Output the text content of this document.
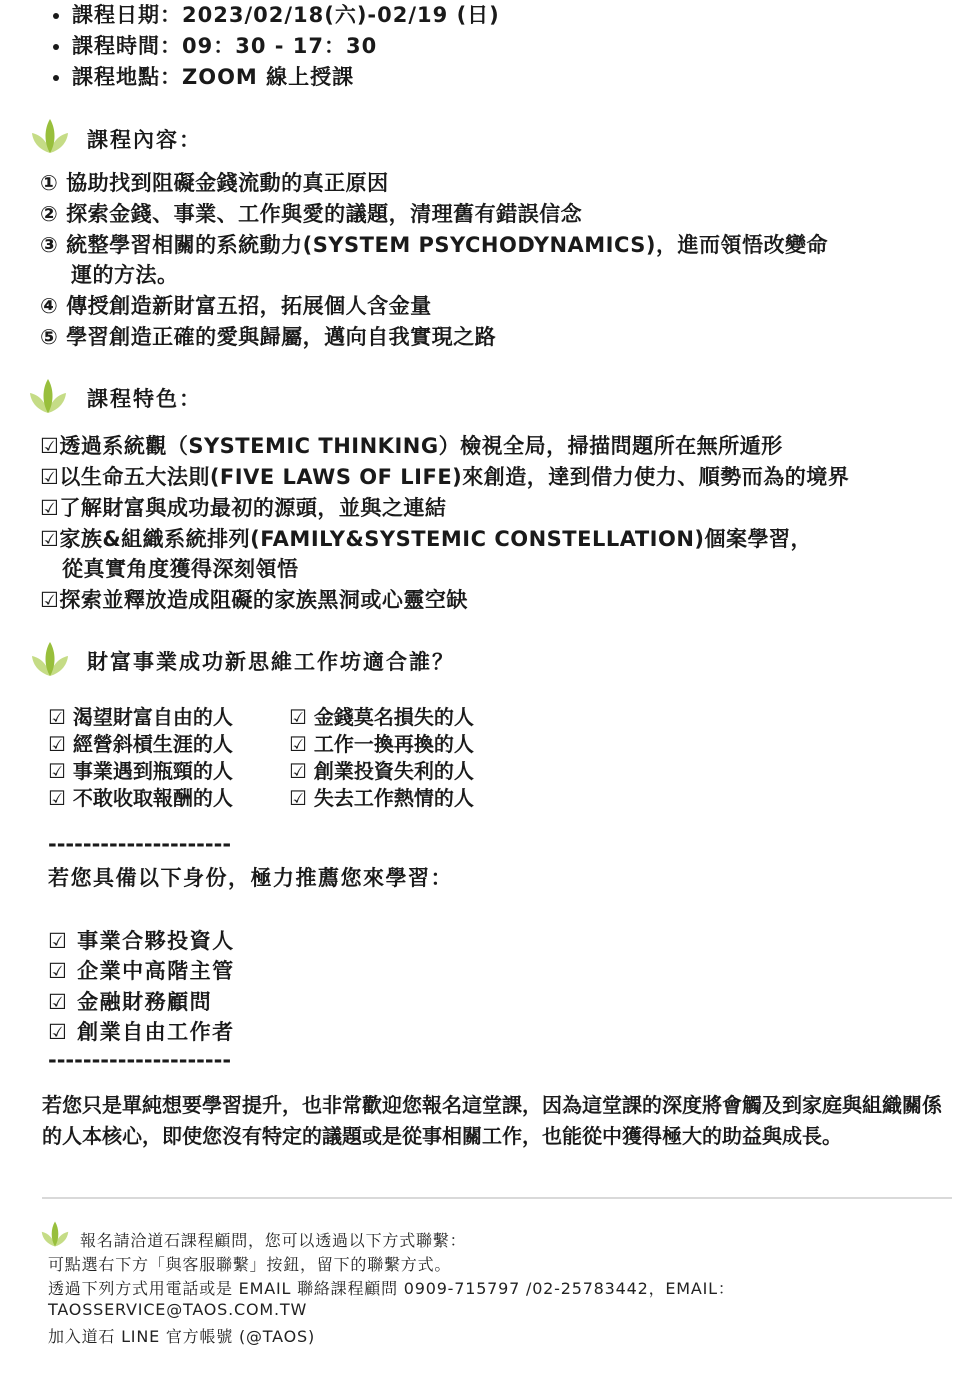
• 課程日期：2023/02/18(六)-02/19 (日)
• 課程時間：09：30 - 17：30
• 課程地點：ZOOM 線上授課
課程內容：
① 協助找到阻礙金錢流動的真正原因
② 探索金錢、事業、工作與愛的議題，清理舊有錯誤信念
③ 統整學習相關的系統動力(SYSTEM PSYCHODYNAMICS)，進而領悟改變命
運的方法。
④ 傳授創造新財富五招，拓展個人含金量
⑤ 學習創造正確的愛與歸屬，邁向自我實現之路
課程特色：
☑透過系統觀（SYSTEMIC THINKING）檢視全局，掃描問題所在無所遁形
☑以生命五大法則(FIVE LAWS OF LIFE)來創造，達到借力使力、順勢而為的境界
☑了解財富與成功最初的源頭，並與之連結
☑家族&組織系統排列(FAMILY&SYSTEMIC CONSTELLATION)個案學習，
從真實角度獲得深刻領悟
☑探索並釋放造成阻礙的家族黑洞或心靈空缺
財富事業成功新思維工作坊適合誰？
☑ 渴望財富自由的人
☑ 經營斜槓生涯的人
☑ 事業遇到瓶頸的人
☑ 不敢收取報酬的人
☑ 金錢莫名損失的人
☑ 工作一換再換的人
☑ 創業投資失利的人
☑ 失去工作熱情的人
---------------------
若您具備以下身份，極力推薦您來學習：
☑ 事業合夥投資人
☑ 企業中高階主管
☑ 金融財務顧問
☑ 創業自由工作者
---------------------
若您只是單純想要學習提升，也非常歡迎您報名這堂課，因為這堂課的深度將會觸及到家庭與組織關係的人本核心，即使您沒有特定的議題或是從事相關工作，也能從中獲得極大的助益與成長。
報名請洽道石課程顧問，您可以透過以下方式聯繫：
可點選右下方「與客服聯繫」按鈕，留下的聯繫方式。
透過下列方式用電話或是 EMAIL 聯絡課程顧問 0909-715797 /02-25783442，EMAIL：
TAOSSERVICE@TAOS.COM.TW
加入道石 LINE 官方帳號 (@TAOS)
